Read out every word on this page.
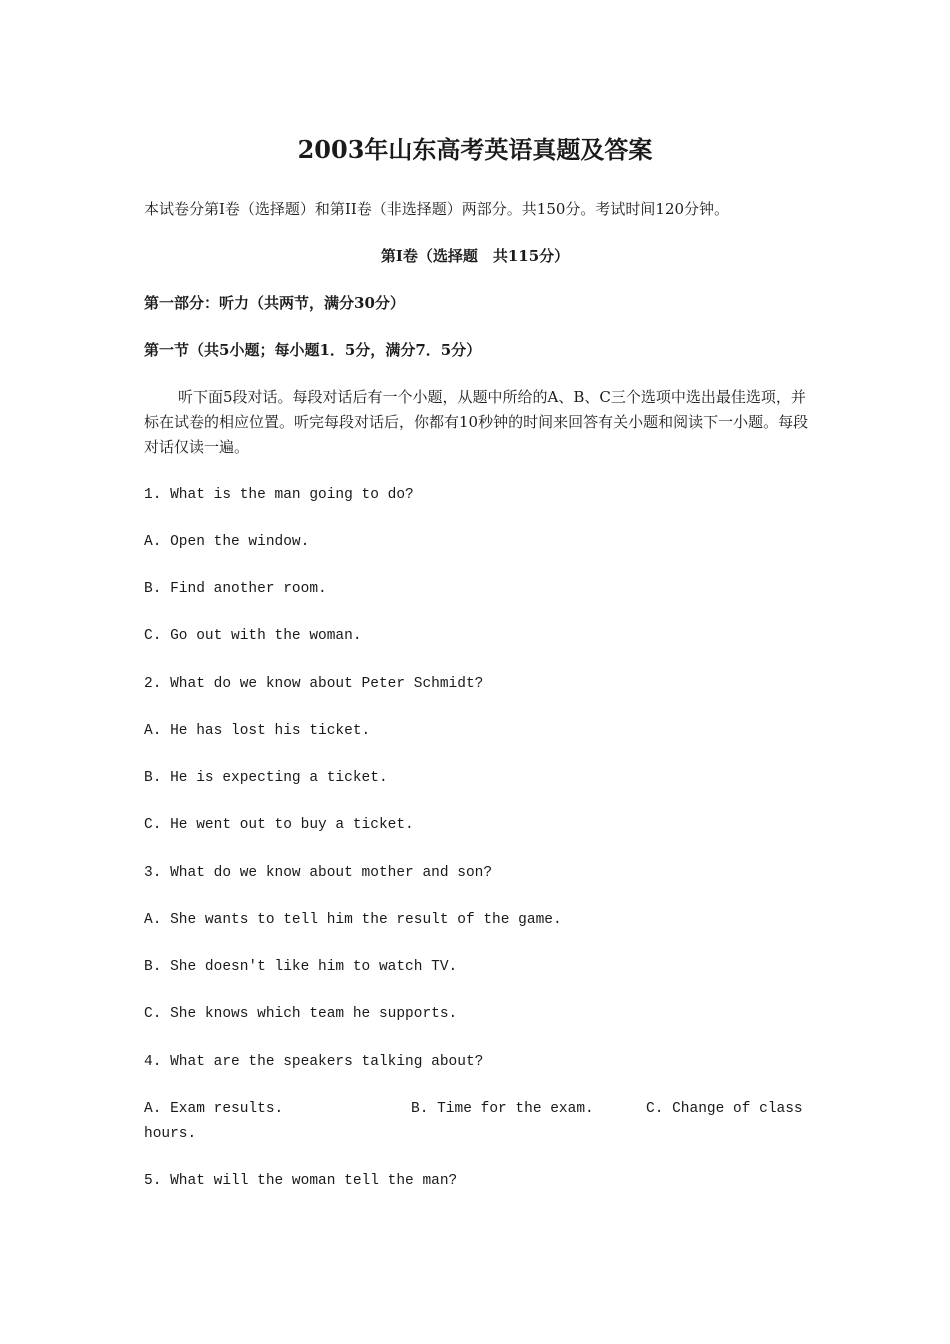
2003年山东高考英语真题及答案
本试卷分第Ⅰ卷（选择题）和第II卷（非选择题）两部分。共150分。考试时间120分钟。
第Ⅰ卷（选择题　共115分）
第一部分：听力（共两节，满分30分）
第一节（共5小题；每小题1．5分，满分7．5分）
听下面5段对话。每段对话后有一个小题，从题中所给的A、B、C三个选项中选出最佳选项，并标在试卷的相应位置。听完每段对话后，你都有10秒钟的时间来回答有关小题和阅读下一小题。每段对话仅读一遍。
1. What is the man going to do?
A. Open the window.
B. Find another room.
C. Go out with the woman.
2. What do we know about Peter Schmidt?
A. He has lost his ticket.
B. He is expecting a ticket.
C. He went out to buy a ticket.
3. What do we know about mother and son?
A. She wants to tell him the result of the game.
B. She doesn't like him to watch TV.
C. She knows which team he supports.
4. What are the speakers talking about?
A. Exam results.	B. Time for the exam.	C. Change of class
hours.
5. What will the woman tell the man?
